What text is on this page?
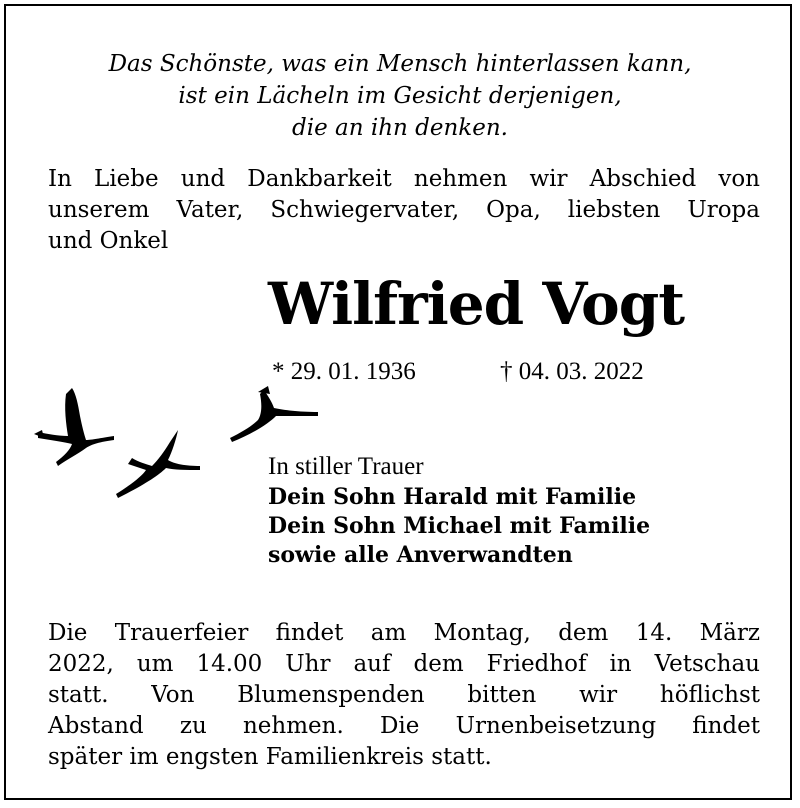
Das Schönste, was ein Mensch hinterlassen kann,
ist ein Lächeln im Gesicht derjenigen,
die an ihn denken.
In Liebe und Dankbarkeit nehmen wir Abschied von
unserem Vater, Schwiegervater, Opa, liebsten Uropa
und Onkel
Wilfried Vogt
* 29. 01. 1936	† 04. 03. 2022
In stiller Trauer
Dein Sohn Harald mit Familie
Dein Sohn Michael mit Familie
sowie alle Anverwandten
Die Trauerfeier findet am Montag, dem 14. März
2022, um 14.00 Uhr auf dem Friedhof in Vetschau
statt. Von Blumenspenden bitten wir höflichst
Abstand zu nehmen. Die Urnenbeisetzung findet
später im engsten Familienkreis statt.
